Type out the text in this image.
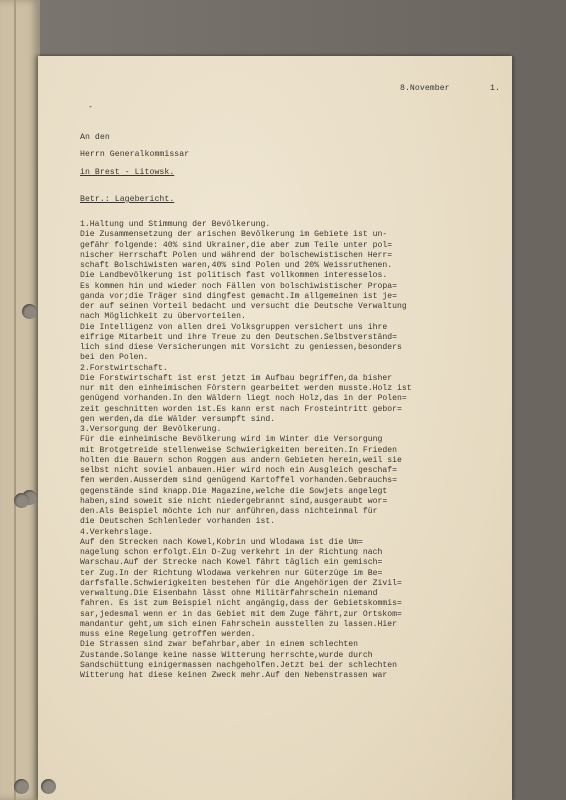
8.November	1.
-
An den
Herrn Generalkommissar
in Brest - Litowsk.
Betr.: Lagebericht.
1.Haltung und Stimmung der Bevölkerung.
Die Zusammensetzung der arischen Bevölkerung im Gebiete ist un-
gefähr folgende: 40% sind Ukrainer,die aber zum Teile unter pol=
nischer Herrschaft Polen und während der bolschewistischen Herr=
schaft Bolschiwisten waren,40% sind Polen und 20% Weissruthenen.
Die Landbevölkerung ist politisch fast vollkommen interesselos.
Es kommen hin und wieder noch Fällen von bolschiwistischer Propa=
ganda vor;die Träger sind dingfest gemacht.Im allgemeinen ist je=
der auf seinen Vorteil bedacht und versucht die Deutsche Verwaltung
nach Möglichkeit zu übervorteilen.
Die Intelligenz von allen drei Volksgruppen versichert uns ihre
eifrige Mitarbeit und ihre Treue zu den Deutschen.Selbstverständ=
lich sind diese Versicherungen mit Vorsicht zu geniessen,besonders
bei den Polen.
2.Forstwirtschaft.
Die Forstwirtschaft ist erst jetzt im Aufbau begriffen,da bisher
nur mit den einheimischen Förstern gearbeitet werden musste.Holz ist
genügend vorhanden.In den Wäldern liegt noch Holz,das in der Polen=
zeit geschnitten worden ist.Es kann erst nach Frosteintritt gebor=
gen werden,da die Wälder versumpft sind.
3.Versorgung der Bevölkerung.
Für die einheimische Bevölkerung wird im Winter die Versorgung
mit Brotgetreide stellenweise Schwierigkeiten bereiten.In Frieden
holten die Bauern schon Roggen aus andern Gebieten herein,weil sie
selbst nicht soviel anbauen.Hier wird noch ein Ausgleich geschaf=
fen werden.Ausserdem sind genügend Kartoffel vorhanden.Gebrauchs=
gegenstände sind knapp.Die Magazine,welche die Sowjets angelegt
haben,sind soweit sie nicht niedergebrannt sind,ausgeraubt wor=
den.Als Beispiel möchte ich nur anführen,dass nichteinmal für
die Deutschen Schlenleder vorhanden ist.
4.Verkehrslage.
Auf den Strecken nach Kowel,Kobrin und Wlodawa ist die Um=
nagelung schon erfolgt.Ein D-Zug verkehrt in der Richtung nach
Warschau.Auf der Strecke nach Kowel fährt täglich ein gemisch=
ter Zug.In der Richtung Wlodawa verkehren nur Güterzüge im Be=
darfsfalle.Schwierigkeiten bestehen für die Angehörigen der Zivil=
verwaltung.Die Eisenbahn lässt ohne Militärfahrschein niemand
fahren. Es ist zum Beispiel nicht angängig,dass der Gebietskommis=
sar,jedesmal wenn er in das Gebiet mit dem Zuge fährt,zur Ortskom=
mandantur geht,um sich einen Fahrschein ausstellen zu lassen.Hier
muss eine Regelung getroffen werden.
Die Strassen sind zwar befahrbar,aber in einem schlechten
Zustande.Solange keine nasse Witterung herrschte,wurde durch
Sandschüttung einigermassen nachgeholfen.Jetzt bei der schlechten
Witterung hat diese keinen Zweck mehr.Auf den Nebenstrassen war
